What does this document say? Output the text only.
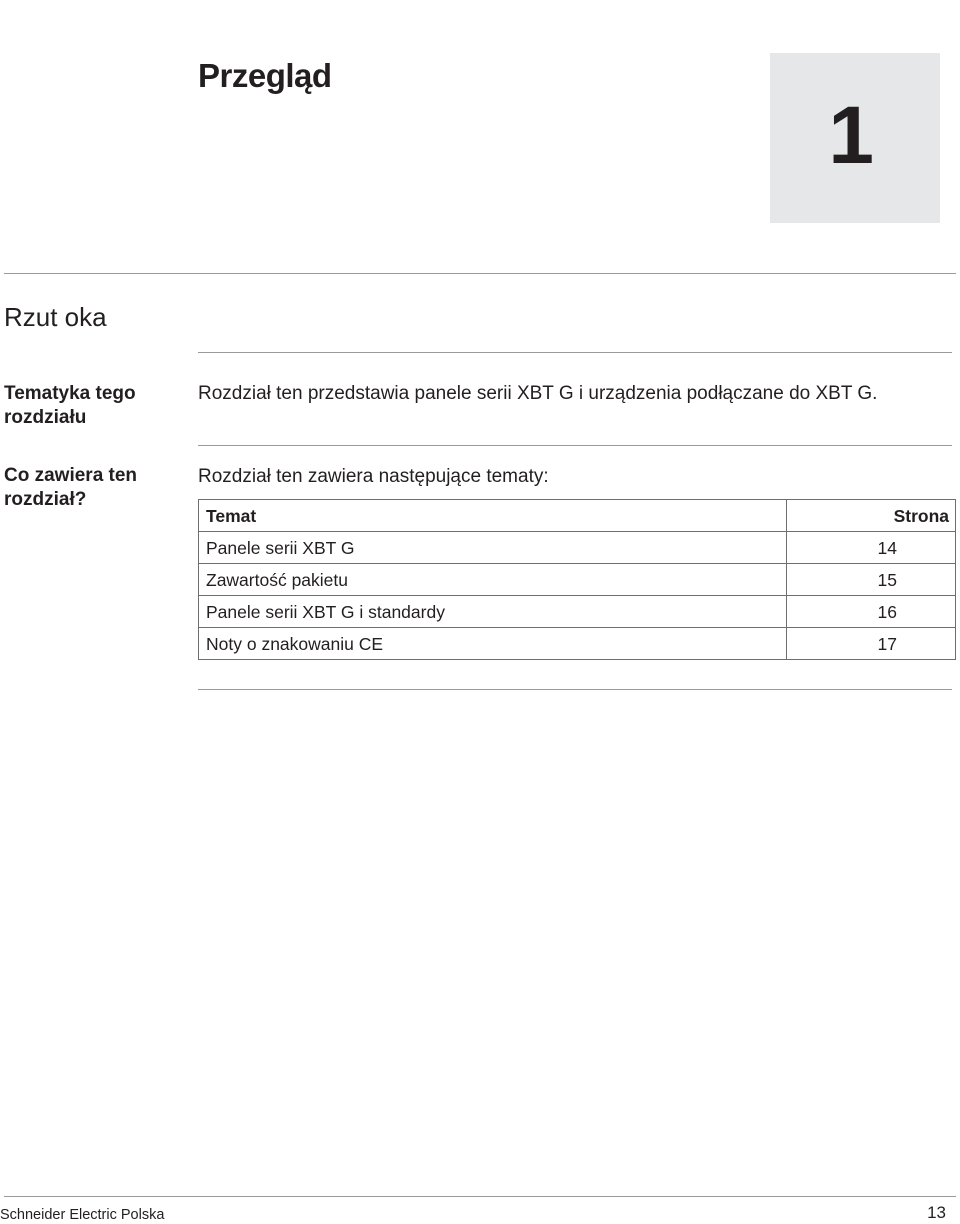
Przegląd
1
Rzut oka
Tematyka tego rozdziału
Rozdział ten przedstawia panele serii XBT G i urządzenia podłączane do XBT G.
Co zawiera ten rozdział?
Rozdział ten zawiera następujące tematy:
Temat	Strona
Panele serii XBT G	14
Zawartość pakietu	15
Panele serii XBT G i standardy	16
Noty o znakowaniu CE	17
Schneider Electric Polska	13
